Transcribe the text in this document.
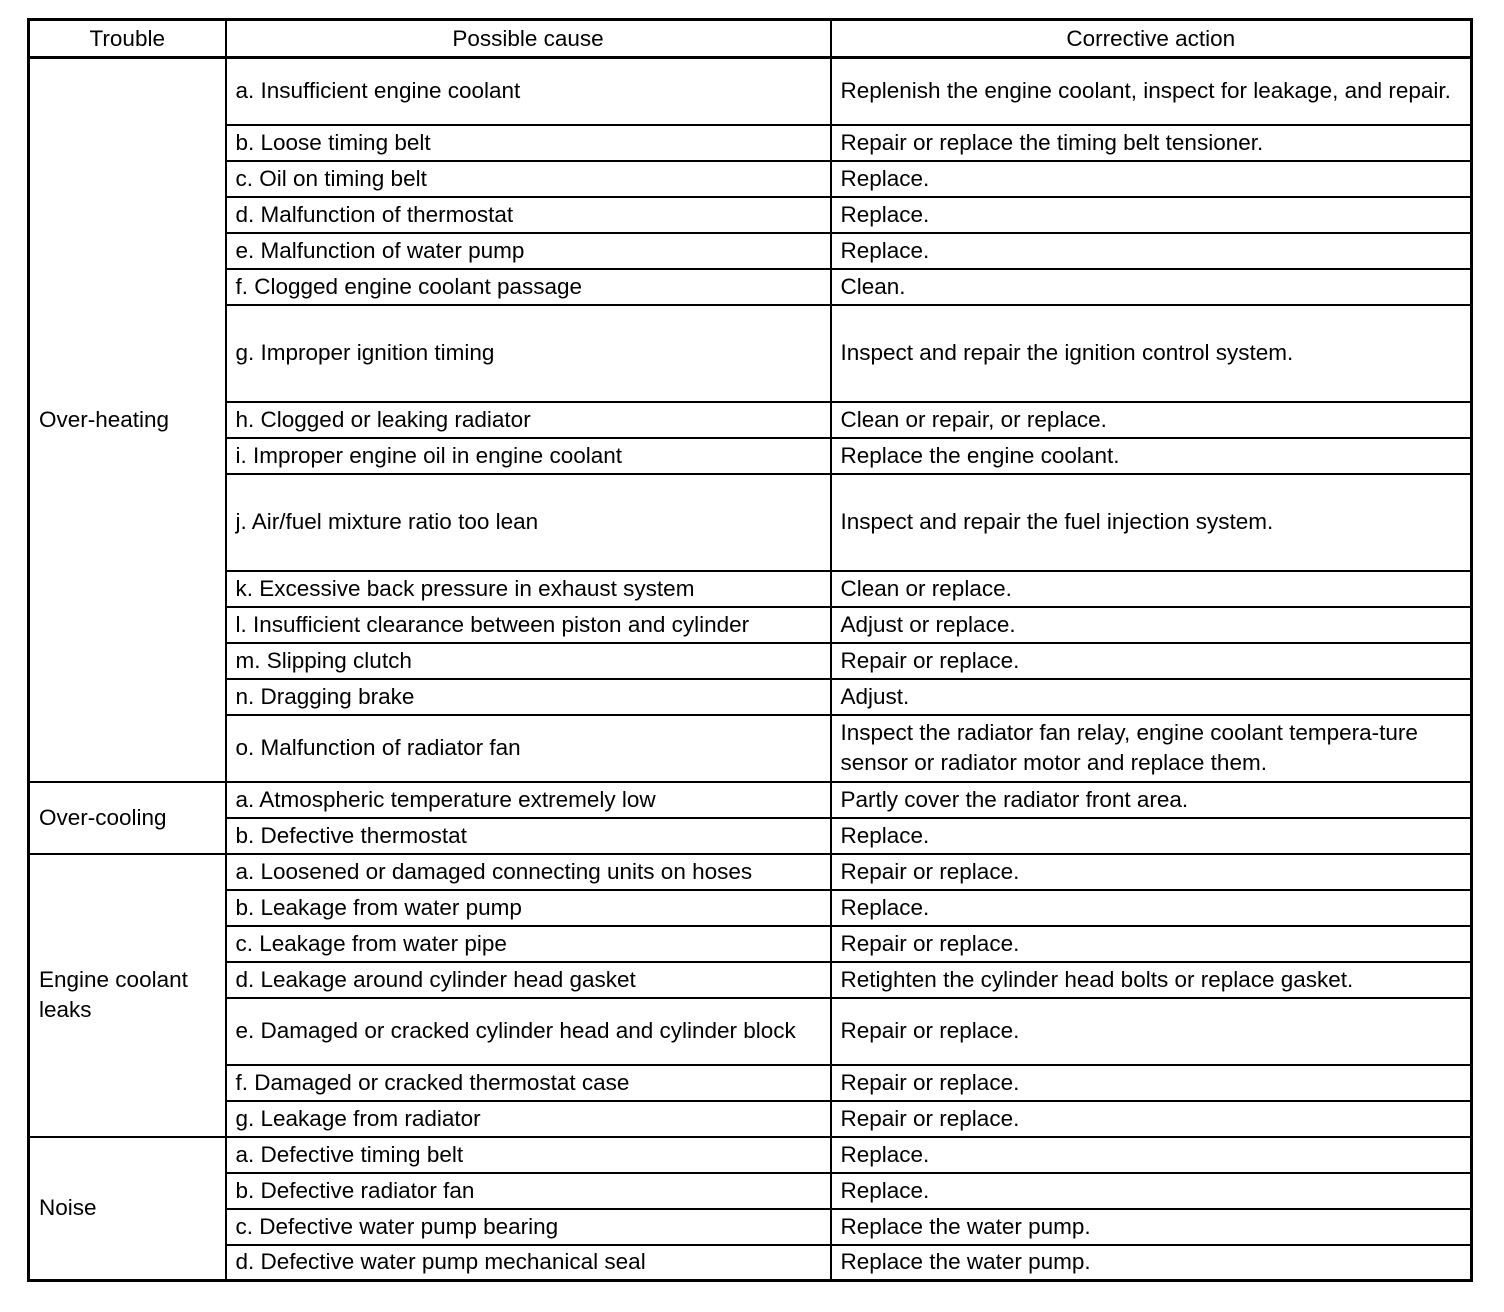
Trouble	Possible cause	Corrective action
Over-heating	a. Insufficient engine coolant	Replenish the engine coolant, inspect for leakage, and repair.
	b. Loose timing belt	Repair or replace the timing belt tensioner.
	c. Oil on timing belt	Replace.
	d. Malfunction of thermostat	Replace.
	e. Malfunction of water pump	Replace.
	f. Clogged engine coolant passage	Clean.
	g. Improper ignition timing	Inspect and repair the ignition control system.
	h. Clogged or leaking radiator	Clean or repair, or replace.
	i. Improper engine oil in engine coolant	Replace the engine coolant.
	j. Air/fuel mixture ratio too lean	Inspect and repair the fuel injection system.
	k. Excessive back pressure in exhaust system	Clean or replace.
	l. Insufficient clearance between piston and cylinder	Adjust or replace.
	m. Slipping clutch	Repair or replace.
	n. Dragging brake	Adjust.
	o. Malfunction of radiator fan	Inspect the radiator fan relay, engine coolant tempera-ture sensor or radiator motor and replace them.
Over-cooling	a. Atmospheric temperature extremely low	Partly cover the radiator front area.
	b. Defective thermostat	Replace.
Engine coolant leaks	a. Loosened or damaged connecting units on hoses	Repair or replace.
	b. Leakage from water pump	Replace.
	c. Leakage from water pipe	Repair or replace.
	d. Leakage around cylinder head gasket	Retighten the cylinder head bolts or replace gasket.
	e. Damaged or cracked cylinder head and cylinder block	Repair or replace.
	f. Damaged or cracked thermostat case	Repair or replace.
	g. Leakage from radiator	Repair or replace.
Noise	a. Defective timing belt	Replace.
	b. Defective radiator fan	Replace.
	c. Defective water pump bearing	Replace the water pump.
	d. Defective water pump mechanical seal	Replace the water pump.
